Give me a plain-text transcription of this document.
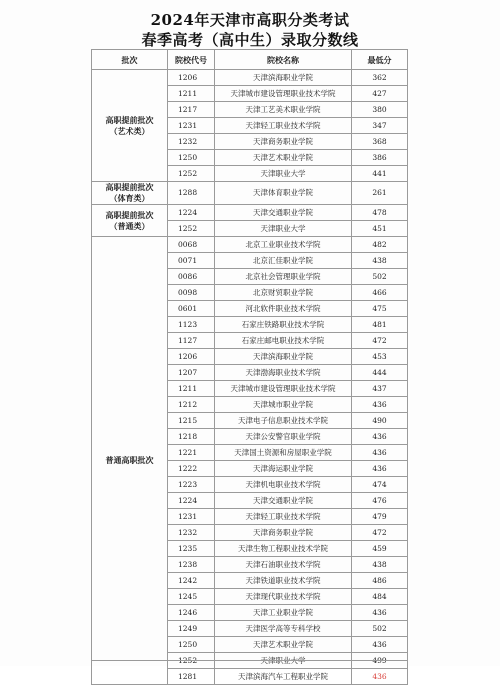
2024年天津市高职分类考试
春季高考（高中生）录取分数线
批次	院校代号	院校名称	最低分

高职提前批次
（艺术类）	1206	天津滨海职业学院	362
	1211	天津城市建设管理职业技术学院	427
	1217	天津工艺美术职业学院	380
	1231	天津轻工职业技术学院	347
	1232	天津商务职业学院	368
	1250	天津艺术职业学院	386
	1252	天津职业大学	441

高职提前批次
（体育类）	1288	天津体育职业学院	261

高职提前批次
（普通类）	1224	天津交通职业学院	478
	1252	天津职业大学	451

普通高职批次	0068	北京工业职业技术学院	482
	0071	北京汇佳职业学院	438
	0086	北京社会管理职业学院	502
	0098	北京财贸职业学院	466
	0601	河北软件职业技术学院	475
	1123	石家庄铁路职业技术学院	481
	1127	石家庄邮电职业技术学院	472
	1206	天津滨海职业学院	453
	1207	天津渤海职业技术学院	444
	1211	天津城市建设管理职业技术学院	437
	1212	天津城市职业学院	436
	1215	天津电子信息职业技术学院	490
	1218	天津公安警官职业学院	436
	1221	天津国土资源和房屋职业学院	436
	1222	天津海运职业学院	436
	1223	天津机电职业技术学院	474
	1224	天津交通职业学院	476
	1231	天津轻工职业技术学院	479
	1232	天津商务职业学院	472
	1235	天津生物工程职业技术学院	459
	1238	天津石油职业技术学院	438
	1242	天津铁道职业技术学院	486
	1245	天津现代职业技术学院	484
	1246	天津工业职业学院	436
	1249	天津医学高等专科学校	502
	1250	天津艺术职业学院	436
	1252	天津职业大学	499
	1281	天津滨海汽车工程职业学院	436
